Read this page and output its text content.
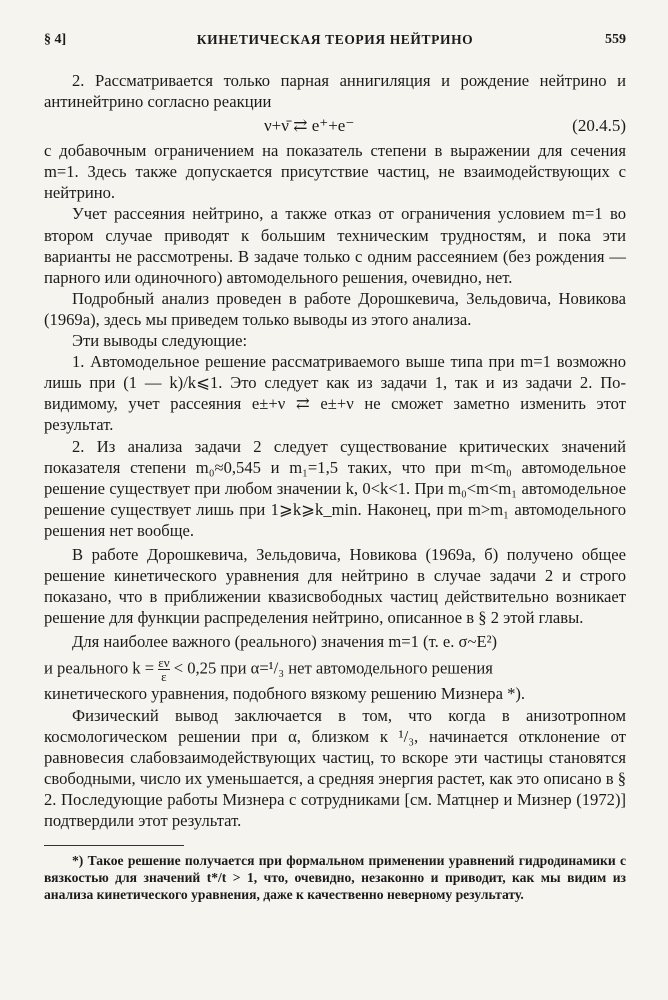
§ 4]	КИНЕТИЧЕСКАЯ ТЕОРИЯ НЕЙТРИНО	559

2. Рассматривается только парная аннигиляция и рождение нейтрино и антинейтрино согласно реакции

ν+ν̄ ⇄ e⁺+e⁻	(20.4.5)

с добавочным ограничением на показатель степени в выражении для сечения m=1. Здесь также допускается присутствие частиц, не взаимодействующих с нейтрино.

Учет рассеяния нейтрино, а также отказ от ограничения условием m=1 во втором случае приводят к большим техническим трудностям, и пока эти варианты не рассмотрены. В задаче только с одним рассеянием (без рождения — парного или одиночного) автомодельного решения, очевидно, нет.

Подробный анализ проведен в работе Дорошкевича, Зельдовича, Новикова (1969а), здесь мы приведем только выводы из этого анализа.

Эти выводы следующие:

1. Автомодельное решение рассматриваемого выше типа при m=1 возможно лишь при (1 — k)/k⩽1. Это следует как из задачи 1, так и из задачи 2. По-видимому, учет рассеяния e±+ν ⇄ e±+ν не сможет заметно изменить этот результат.

2. Из анализа задачи 2 следует существование критических значений показателя степени m₀≈0,545 и m₁=1,5 таких, что при m<m₀ автомодельное решение существует при любом значении k, 0<k<1. При m₀<m<m₁ автомодельное решение существует лишь при 1⩾k⩾k_min. Наконец, при m>m₁ автомодельного решения нет вообще.

В работе Дорошкевича, Зельдовича, Новикова (1969а, б) получено общее решение кинетического уравнения для нейтрино в случае задачи 2 и строго показано, что в приближении квазисвободных частиц действительно возникает решение для функции распределения нейтрино, описанное в § 2 этой главы.

Для наиболее важного (реального) значения m=1 (т. е. σ~E²)

и реального $k = \frac{\varepsilon\nu}{\varepsilon} < 0,25$ при α=¹/₃ нет автомодельного решения

кинетического уравнения, подобного вязкому решению Мизнера *).

Физический вывод заключается в том, что когда в анизотропном космологическом решении при α, близком к ¹/₃, начинается отклонение от равновесия слабовзаимодействующих частиц, то вскоре эти частицы становятся свободными, число их уменьшается, а средняя энергия растет, как это описано в § 2. Последующие работы Мизнера с сотрудниками [см. Матцнер и Мизнер (1972)] подтвердили этот результат.

*) Такое решение получается при формальном применении уравнений гидродинамики с вязкостью для значений t*/t > 1, что, очевидно, незаконно и приводит, как мы видим из анализа кинетического уравнения, даже к качественно неверному результату.
